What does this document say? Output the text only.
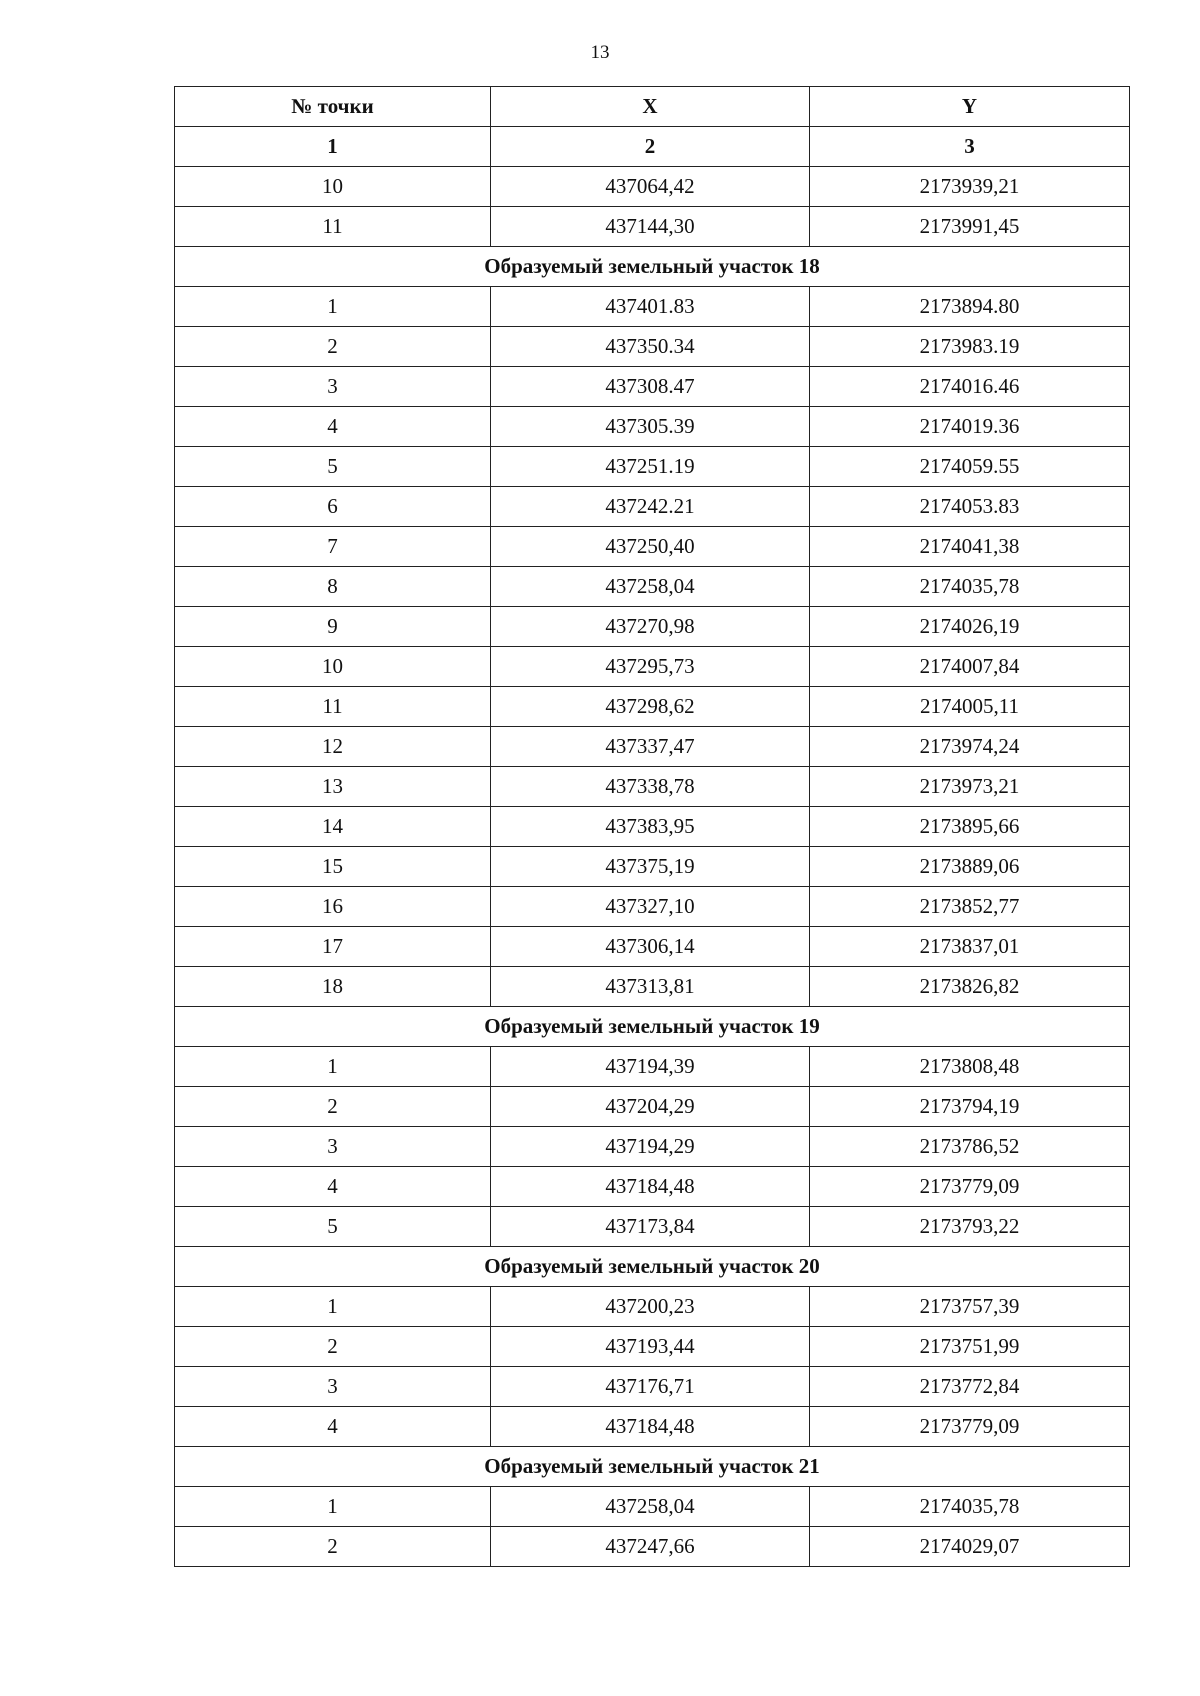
13
№ точки	X	Y
1	2	3
10	437064,42	2173939,21
11	437144,30	2173991,45
Образуемый земельный участок 18		
1	437401.83	2173894.80
2	437350.34	2173983.19
3	437308.47	2174016.46
4	437305.39	2174019.36
5	437251.19	2174059.55
6	437242.21	2174053.83
7	437250,40	2174041,38
8	437258,04	2174035,78
9	437270,98	2174026,19
10	437295,73	2174007,84
11	437298,62	2174005,11
12	437337,47	2173974,24
13	437338,78	2173973,21
14	437383,95	2173895,66
15	437375,19	2173889,06
16	437327,10	2173852,77
17	437306,14	2173837,01
18	437313,81	2173826,82
Образуемый земельный участок 19		
1	437194,39	2173808,48
2	437204,29	2173794,19
3	437194,29	2173786,52
4	437184,48	2173779,09
5	437173,84	2173793,22
Образуемый земельный участок 20		
1	437200,23	2173757,39
2	437193,44	2173751,99
3	437176,71	2173772,84
4	437184,48	2173779,09
Образуемый земельный участок 21		
1	437258,04	2174035,78
2	437247,66	2174029,07
